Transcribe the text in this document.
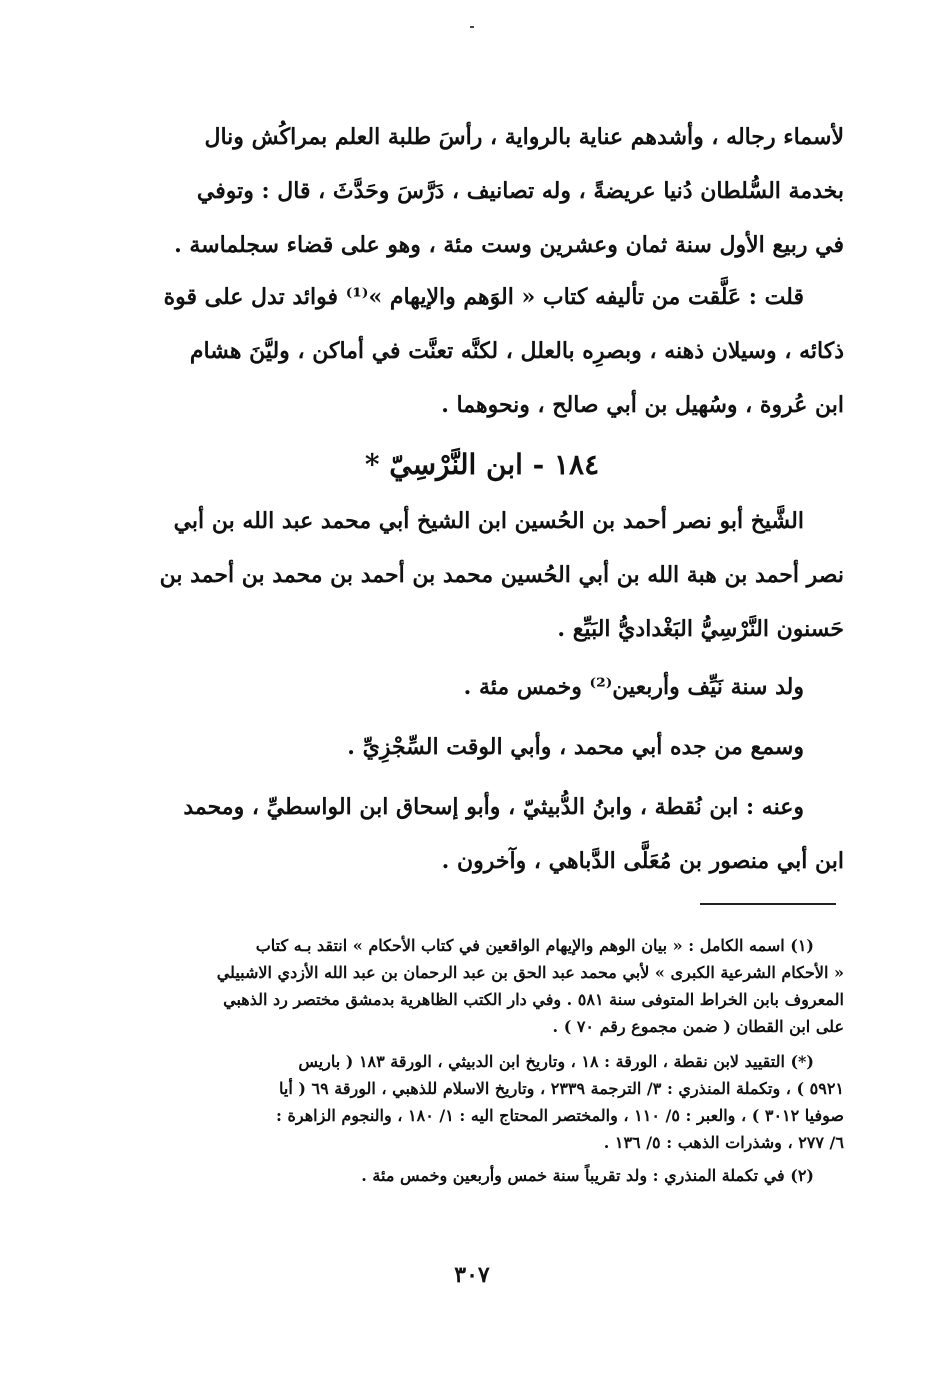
لأسماء رجاله ، وأشدهم عناية بالرواية ، رأسَ طلبة العلم بمراكُش ونال
بخدمة السُّلطان دُنيا عريضةً ، وله تصانيف ، دَرَّسَ وحَدَّثَ ، قال : وتوفي
في ربيع الأول سنة ثمان وعشرين وست مئة ، وهو على قضاء سجلماسة .
قلت : عَلَّقت من تأليفه كتاب « الوَهم والإيهام »⁽¹⁾ فوائد تدل على قوة
ذكائه ، وسيلان ذهنه ، وبصرِه بالعلل ، لكنَّه تعنَّت في أماكن ، وليَّنَ هشام
ابن عُروة ، وسُهيل بن أبي صالح ، ونحوهما .
١٨٤ - ابن النَّرْسِيّ *
الشَّيخ أبو نصر أحمد بن الحُسين ابن الشيخ أبي محمد عبد الله بن أبي
نصر أحمد بن هبة الله بن أبي الحُسين محمد بن أحمد بن محمد بن أحمد بن
حَسنون النَّرْسِيُّ البَغْداديُّ البَيِّع .
ولد سنة نَيِّف وأربعين⁽²⁾ وخمس مئة .
وسمع من جده أبي محمد ، وأبي الوقت السِّجْزِيِّ .
وعنه : ابن نُقطة ، وابنُ الدُّبيثيّ ، وأبو إسحاق ابن الواسطيِّ ، ومحمد
ابن أبي منصور بن مُعَلَّى الدَّباهي ، وآخرون .
(١) اسمه الكامل : « بيان الوهم والإيهام الواقعين في كتاب الأحكام » انتقد بـه كتاب
« الأحكام الشرعية الكبرى » لأبي محمد عبد الحق بن عبد الرحمان بن عبد الله الأزدي الاشبيلي
المعروف بابن الخراط المتوفى سنة ٥٨١ . وفي دار الكتب الظاهرية بدمشق مختصر رد الذهبي
على ابن القطان ( ضمن مجموع رقم ٧٠ ) .
(*) التقييد لابن نقطة ، الورقة : ١٨ ، وتاريخ ابن الدبيثي ، الورقة ١٨٣ ( باريس
٥٩٢١ ) ، وتكملة المنذري : ٣/ الترجمة ٢٣٣٩ ، وتاريخ الاسلام للذهبي ، الورقة ٦٩ ( أيا
صوفيا ٣٠١٢ ) ، والعبر : ٥/ ١١٠ ، والمختصر المحتاج اليه : ١/ ١٨٠ ، والنجوم الزاهرة :
٦/ ٢٧٧ ، وشذرات الذهب : ٥/ ١٣٦ .
(٢) في تكملة المنذري : ولد تقريباً سنة خمس وأربعين وخمس مئة .
٣٠٧
